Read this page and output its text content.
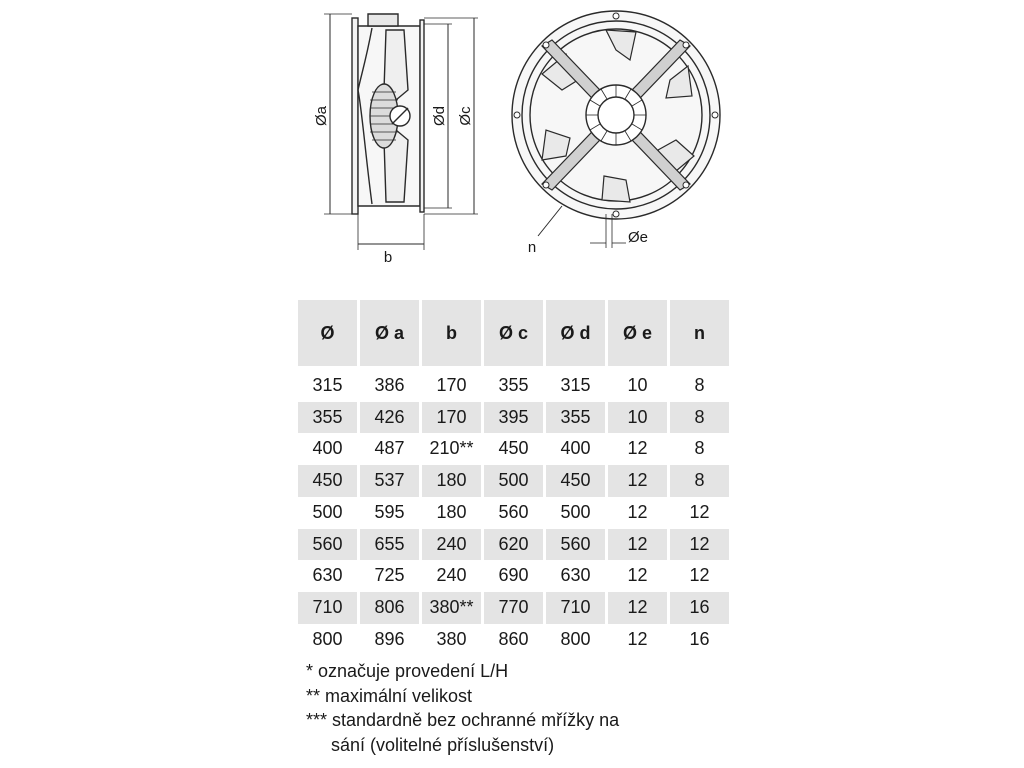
Øa	Ød Øc
b
n
Øe
Ø	Ø a	b	Ø c	Ø d	Ø e	n
315	386	170	355	315	10	8
355	426	170	395	355	10	8
400	487	210**	450	400	12	8
450	537	180	500	450	12	8
500	595	180	560	500	12	12
560	655	240	620	560	12	12
630	725	240	690	630	12	12
710	806	380**	770	710	12	16
800	896	380	860	800	12	16
* označuje provedení L/H
** maximální velikost
*** standardně bez ochranné mřížky na
sání (volitelné příslušenství)
